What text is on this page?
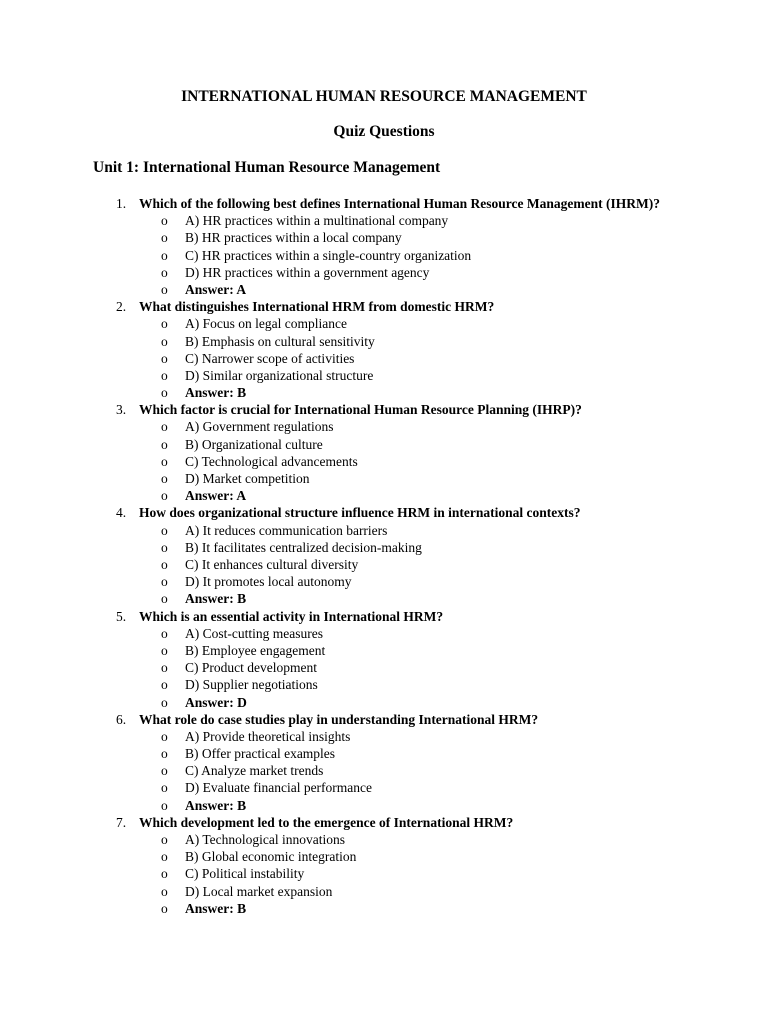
INTERNATIONAL HUMAN RESOURCE MANAGEMENT
Quiz Questions
Unit 1: International Human Resource Management
1. Which of the following best defines International Human Resource Management (IHRM)?
o A) HR practices within a multinational company
o B) HR practices within a local company
o C) HR practices within a single-country organization
o D) HR practices within a government agency
o Answer: A
2. What distinguishes International HRM from domestic HRM?
o A) Focus on legal compliance
o B) Emphasis on cultural sensitivity
o C) Narrower scope of activities
o D) Similar organizational structure
o Answer: B
3. Which factor is crucial for International Human Resource Planning (IHRP)?
o A) Government regulations
o B) Organizational culture
o C) Technological advancements
o D) Market competition
o Answer: A
4. How does organizational structure influence HRM in international contexts?
o A) It reduces communication barriers
o B) It facilitates centralized decision-making
o C) It enhances cultural diversity
o D) It promotes local autonomy
o Answer: B
5. Which is an essential activity in International HRM?
o A) Cost-cutting measures
o B) Employee engagement
o C) Product development
o D) Supplier negotiations
o Answer: D
6. What role do case studies play in understanding International HRM?
o A) Provide theoretical insights
o B) Offer practical examples
o C) Analyze market trends
o D) Evaluate financial performance
o Answer: B
7. Which development led to the emergence of International HRM?
o A) Technological innovations
o B) Global economic integration
o C) Political instability
o D) Local market expansion
o Answer: B
